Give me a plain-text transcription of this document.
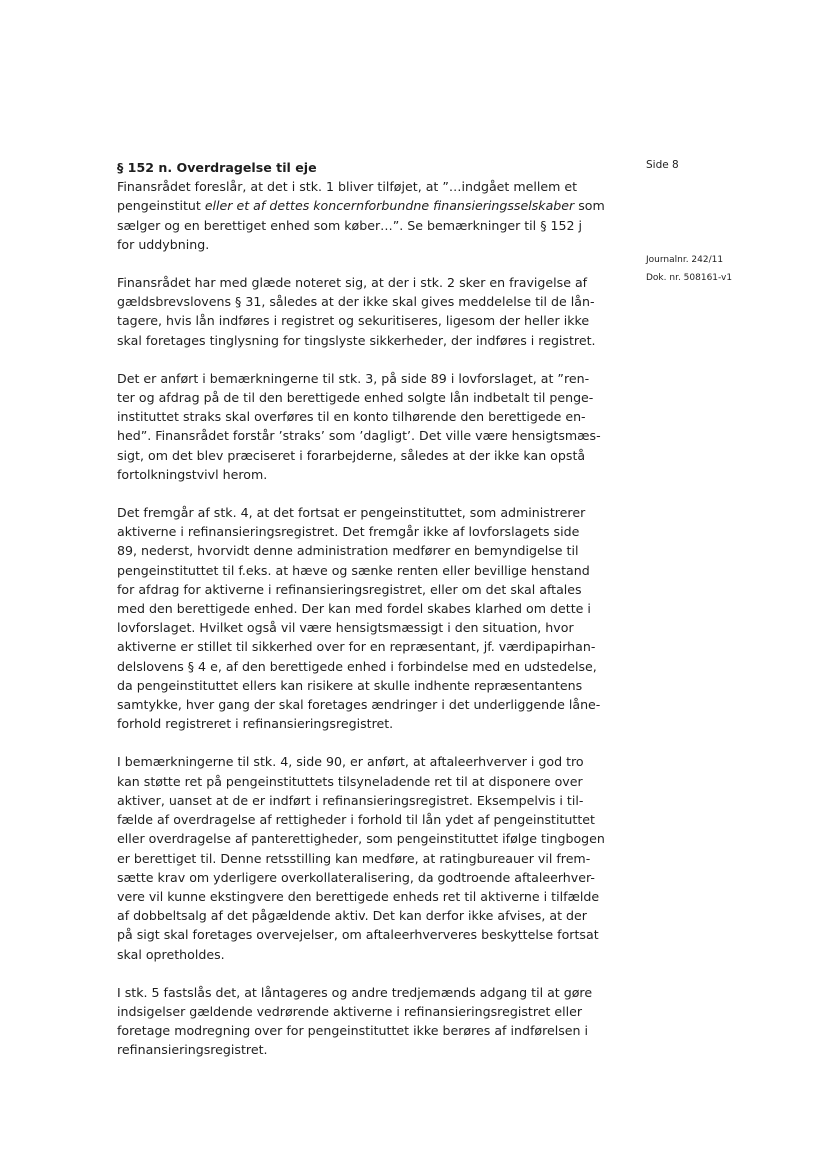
§ 152 n. Overdragelse til eje
Finansrådet foreslår, at det i stk. 1 bliver tilføjet, at ”…indgået mellem et
pengeinstitut eller et af dettes koncernforbundne finansieringsselskaber som
sælger og en berettiget enhed som køber…”. Se bemærkninger til § 152 j
for uddybning.
Finansrådet har med glæde noteret sig, at der i stk. 2 sker en fravigelse af
gældsbrevslovens § 31, således at der ikke skal gives meddelelse til de lån-
tagere, hvis lån indføres i registret og sekuritiseres, ligesom der heller ikke
skal foretages tinglysning for tingslyste sikkerheder, der indføres i registret.
Det er anført i bemærkningerne til stk. 3, på side 89 i lovforslaget, at ”ren-
ter og afdrag på de til den berettigede enhed solgte lån indbetalt til penge-
instituttet straks skal overføres til en konto tilhørende den berettigede en-
hed”. Finansrådet forstår ’straks’ som ’dagligt’. Det ville være hensigtsmæs-
sigt, om det blev præciseret i forarbejderne, således at der ikke kan opstå
fortolkningstvivl herom.
Det fremgår af stk. 4, at det fortsat er pengeinstituttet, som administrerer
aktiverne i refinansieringsregistret. Det fremgår ikke af lovforslagets side
89, nederst, hvorvidt denne administration medfører en bemyndigelse til
pengeinstituttet til f.eks. at hæve og sænke renten eller bevillige henstand
for afdrag for aktiverne i refinansieringsregistret, eller om det skal aftales
med den berettigede enhed. Der kan med fordel skabes klarhed om dette i
lovforslaget. Hvilket også vil være hensigtsmæssigt i den situation, hvor
aktiverne er stillet til sikkerhed over for en repræsentant, jf. værdipapirhan-
delslovens § 4 e, af den berettigede enhed i forbindelse med en udstedelse,
da pengeinstituttet ellers kan risikere at skulle indhente repræsentantens
samtykke, hver gang der skal foretages ændringer i det underliggende låne-
forhold registreret i refinansieringsregistret.
I bemærkningerne til stk. 4, side 90, er anført, at aftaleerhverver i god tro
kan støtte ret på pengeinstituttets tilsyneladende ret til at disponere over
aktiver, uanset at de er indført i refinansieringsregistret. Eksempelvis i til-
fælde af overdragelse af rettigheder i forhold til lån ydet af pengeinstituttet
eller overdragelse af panterettigheder, som pengeinstituttet ifølge tingbogen
er berettiget til. Denne retsstilling kan medføre, at ratingbureauer vil frem-
sætte krav om yderligere overkollateralisering, da godtroende aftaleerhver-
vere vil kunne ekstingvere den berettigede enheds ret til aktiverne i tilfælde
af dobbeltsalg af det pågældende aktiv. Det kan derfor ikke afvises, at der
på sigt skal foretages overvejelser, om aftaleerhververes beskyttelse fortsat
skal opretholdes.
I stk. 5 fastslås det, at låntageres og andre tredjemænds adgang til at gøre
indsigelser gældende vedrørende aktiverne i refinansieringsregistret eller
foretage modregning over for pengeinstituttet ikke berøres af indførelsen i
refinansieringsregistret.
Side 8
Journalnr. 242/11
Dok. nr. 508161-v1
